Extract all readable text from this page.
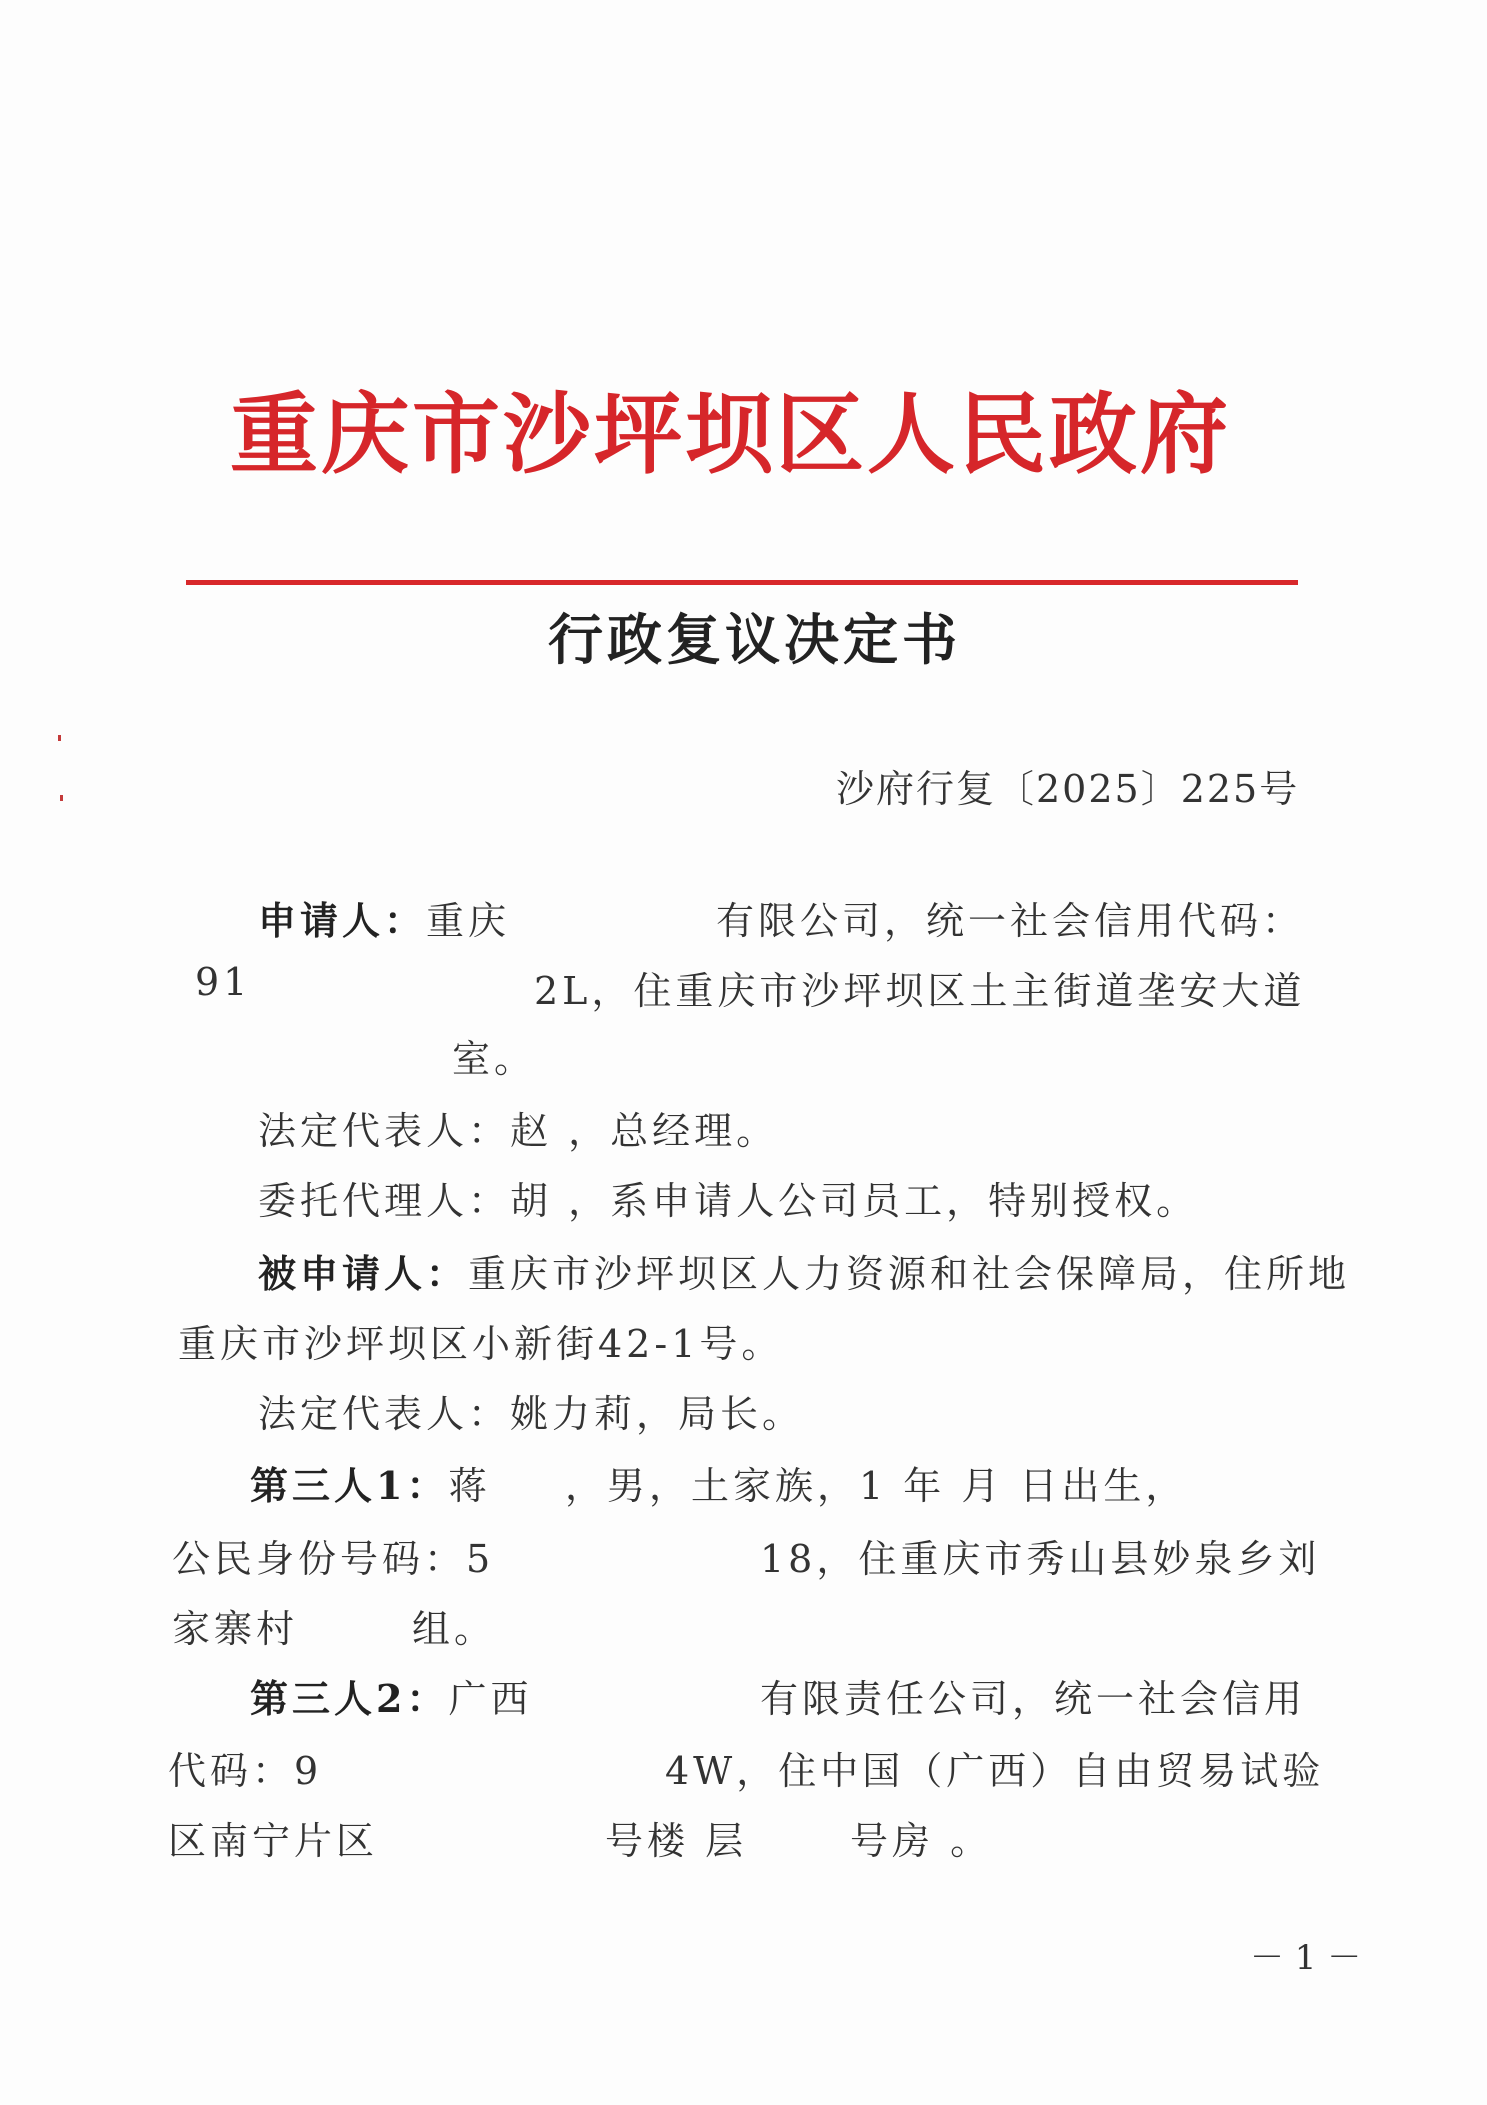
重庆市沙坪坝区人民政府
行政复议决定书
沙府行复〔2025〕225号
申请人：重庆	有限公司，统一社会信用代码：
91	2L，住重庆市沙坪坝区土主街道垄安大道
室。
法定代表人：赵 ，总经理。
委托代理人：胡 ，系申请人公司员工，特别授权。
被申请人：重庆市沙坪坝区人力资源和社会保障局，住所地
重庆市沙坪坝区小新街42-1号。
法定代表人：姚力莉，局长。
第三人1：蒋 ，男，土家族，1 年 月 日出生，
公民身份号码：5	18，住重庆市秀山县妙泉乡刘
家寨村	组。
第三人2：广西	有限责任公司，统一社会信用
代码：9	4W，住中国（广西）自由贸易试验
区南宁片区	号楼 层	号房 。
－ 1 －
